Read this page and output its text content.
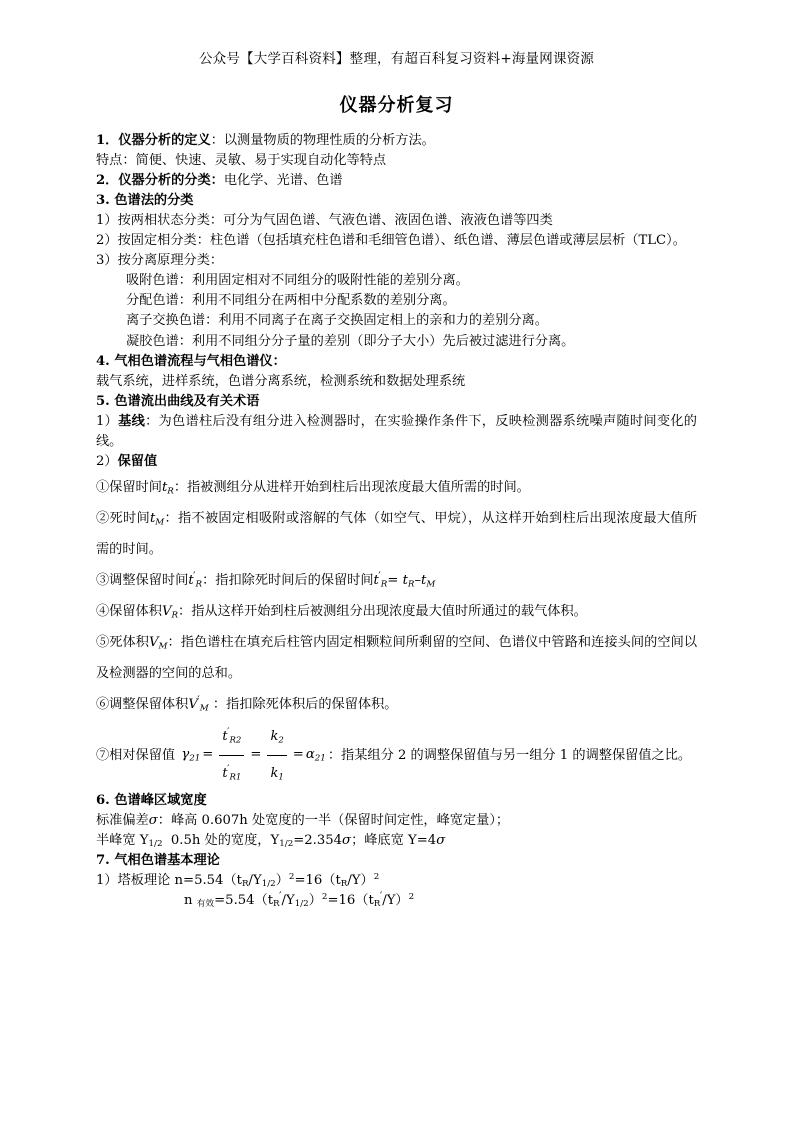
公众号【大学百科资料】整理，有超百科复习资料+海量网课资源
仪器分析复习

1．仪器分析的定义：以测量物质的物理性质的分析方法。

特点：简便、快速、灵敏、易于实现自动化等特点

2．仪器分析的分类：电化学、光谱、色谱

3. 色谱法的分类

1）按两相状态分类：可分为气固色谱、气液色谱、液固色谱、液液色谱等四类

2）按固定相分类：柱色谱（包括填充柱色谱和毛细管色谱）、纸色谱、薄层色谱或薄层层析（TLC）。

3）按分离原理分类：

吸附色谱：利用固定相对不同组分的吸附性能的差别分离。

分配色谱：利用不同组分在两相中分配系数的差别分离。

离子交换色谱：利用不同离子在离子交换固定相上的亲和力的差别分离。

凝胶色谱：利用不同组分分子量的差别（即分子大小）先后被过滤进行分离。

4. 气相色谱流程与气相色谱仪：

载气系统，进样系统，色谱分离系统，检测系统和数据处理系统

5. 色谱流出曲线及有关术语

1）基线：为色谱柱后没有组分进入检测器时，在实验操作条件下，反映检测器系统噪声随时间变化的线。

2）保留值

①保留时间$t_R$：指被测组分从进样开始到柱后出现浓度最大值所需的时间。

②死时间$t_M$：指不被固定相吸附或溶解的气体（如空气、甲烷），从这样开始到柱后出现浓度最大值所需的时间。

③调整保留时间$t'_R$：指扣除死时间后的保留时间$t'_R= t_R-t_M$

④保留体积$V_R$：指从这样开始到柱后被测组分出现浓度最大值时所通过的载气体积。

⑤死体积$V_M$：指色谱柱在填充后柱管内固定相颗粒间所剩留的空间、色谱仪中管路和连接头间的空间以及检测器的空间的总和。

⑥调整保留体积$V'_M$ ：指扣除死体积后的保留体积。

⑦相对保留值 $\gamma_{21} = \frac{t'_{R2}}{t'_{R1}} = \frac{k_2}{k_1} = \alpha_{21}$ ：指某组分 2 的调整保留值与另一组分 1 的调整保留值之比。

6. 色谱峰区域宽度

标准偏差σ：峰高 0.607h 处宽度的一半（保留时间定性，峰宽定量）；

半峰宽 $Y_{1/2}$ 0.5h 处的宽度，$Y_{1/2}=2.354\sigma$；峰底宽 Y=4σ

7. 气相色谱基本理论

1）塔板理论 $n=5.54(t_R/Y_{1/2})^2=16(t_R/Y)^2$

n $_{有效}=5.54(t_R'/Y_{1/2})^2=16(t_R'/Y)^2$
